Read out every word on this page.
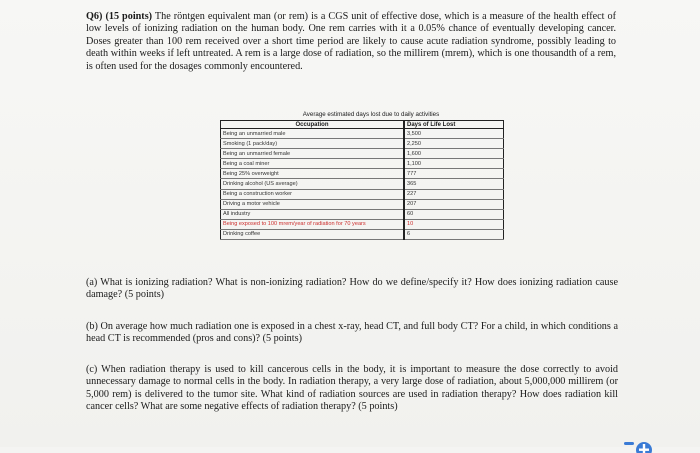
Q6) (15 points) The röntgen equivalent man (or rem) is a CGS unit of effective dose, which is a measure of the health effect of low levels of ionizing radiation on the human body. One rem carries with it a 0.05% chance of eventually developing cancer. Doses greater than 100 rem received over a short time period are likely to cause acute radiation syndrome, possibly leading to death within weeks if left untreated. A rem is a large dose of radiation, so the millirem (mrem), which is one thousandth of a rem, is often used for the dosages commonly encountered.
Average estimated days lost due to daily activities
Occupation	Days of Life Lost
Being an unmarried male	3,500
Smoking (1 pack/day)	2,250
Being an unmarried female	1,600
Being a coal miner	1,100
Being 25% overweight	777
Drinking alcohol (US average)	365
Being a construction worker	227
Driving a motor vehicle	207
All industry	60
Being exposed to 100 mrem/year of radiation for 70 years	10
Drinking coffee	6
(a) What is ionizing radiation? What is non-ionizing radiation? How do we define/specify it? How does ionizing radiation cause damage? (5 points)
(b) On average how much radiation one is exposed in a chest x-ray, head CT, and full body CT? For a child, in which conditions a head CT is recommended (pros and cons)? (5 points)
(c) When radiation therapy is used to kill cancerous cells in the body, it is important to measure the dose correctly to avoid unnecessary damage to normal cells in the body. In radiation therapy, a very large dose of radiation, about 5,000,000 millirem (or 5,000 rem) is delivered to the tumor site. What kind of radiation sources are used in radiation therapy? How does radiation kill cancer cells? What are some negative effects of radiation therapy? (5 points)
